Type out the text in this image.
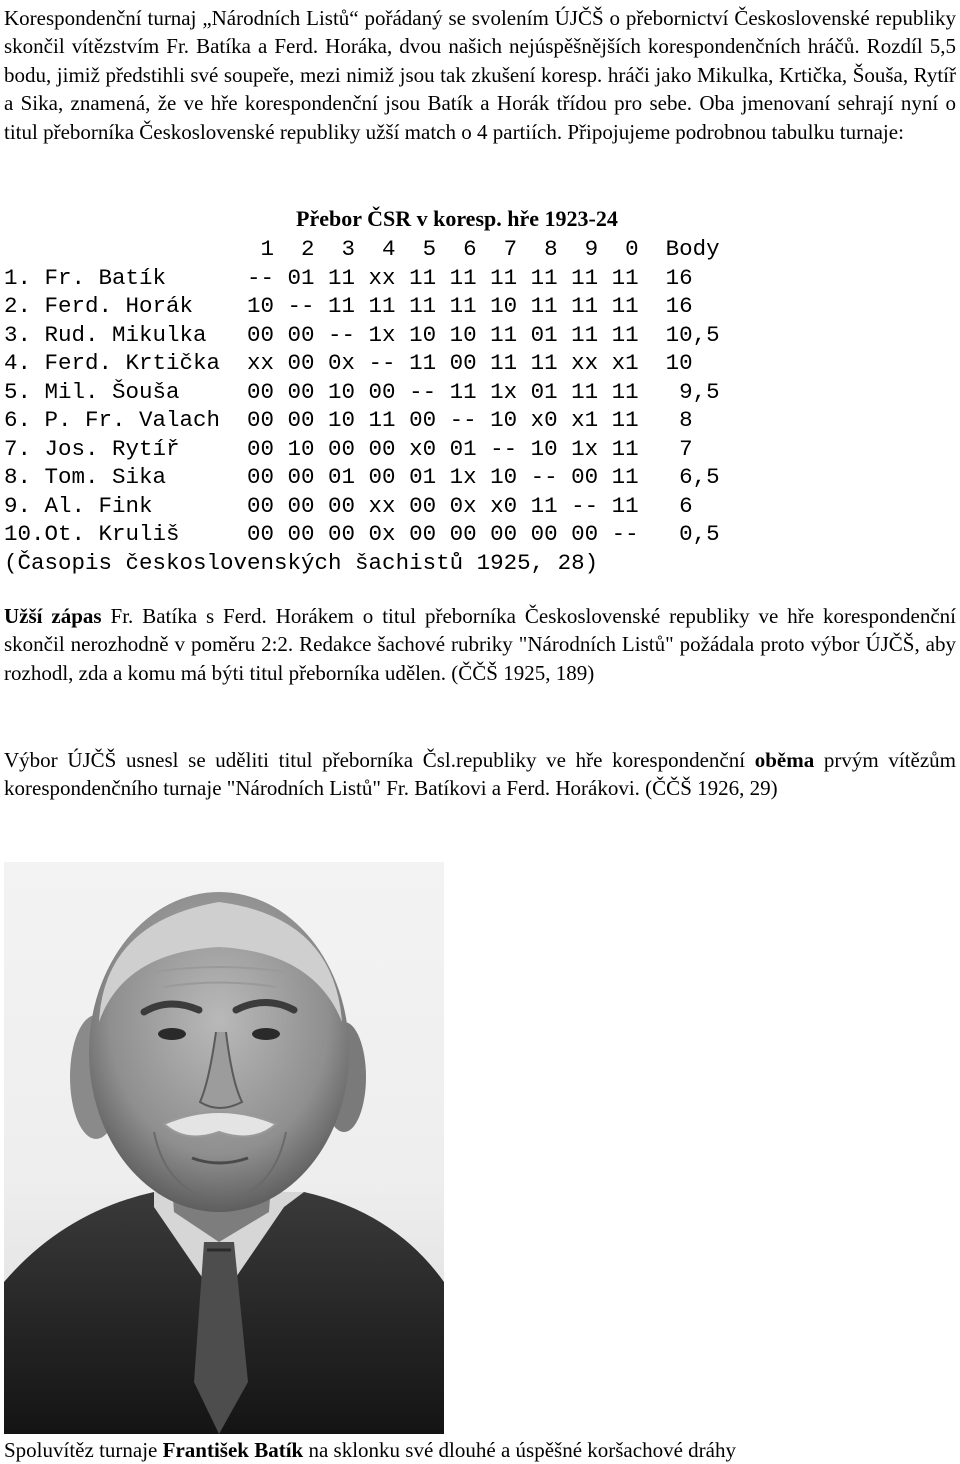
Korespondenční turnaj „Národních Listů“ pořádaný se svolením ÚJČŠ o přebornictví Československé republiky skončil vítězstvím Fr. Batíka a Ferd. Horáka, dvou našich nejúspěšnějších korespondenčních hráčů. Rozdíl 5,5 bodu, jimiž předstihli své soupeře, mezi nimiž jsou tak zkušení koresp. hráči jako Mikulka, Krtička, Šouša, Rytíř a Sika, znamená, že ve hře korespondenční jsou Batík a Horák třídou pro sebe. Oba jmenovaní sehrají nyní o titul přeborníka Československé republiky užší match o 4 partiích. Připojujeme podrobnou tabulku turnaje:
Přebor ČSR v koresp. hře 1923-24
1  2  3  4  5  6  7  8  9  0  Body
1. Fr. Batík      -- 01 11 xx 11 11 11 11 11 11  16
2. Ferd. Horák    10 -- 11 11 11 11 10 11 11 11  16
3. Rud. Mikulka   00 00 -- 1x 10 10 11 01 11 11  10,5
4. Ferd. Krtička  xx 00 0x -- 11 00 11 11 xx x1  10
5. Mil. Šouša     00 00 10 00 -- 11 1x 01 11 11   9,5
6. P. Fr. Valach  00 00 10 11 00 -- 10 x0 x1 11   8
7. Jos. Rytíř     00 10 00 00 x0 01 -- 10 1x 11   7
8. Tom. Sika      00 00 01 00 01 1x 10 -- 00 11   6,5
9. Al. Fink       00 00 00 xx 00 0x x0 11 -- 11   6
10.Ot. Kruliš     00 00 00 0x 00 00 00 00 00 --   0,5
(Časopis československých šachistů 1925, 28)
Užší zápas Fr. Batíka s Ferd. Horákem o titul přeborníka Československé republiky ve hře korespondenční skončil nerozhodně v poměru 2:2. Redakce šachové rubriky "Národních Listů" požádala proto výbor ÚJČŠ, aby rozhodl, zda a komu má býti titul přeborníka udělen. (ČČŠ 1925, 189)
Výbor ÚJČŠ usnesl se uděliti titul přeborníka Čsl.republiky ve hře korespondenční oběma prvým vítězům korespondenčního turnaje "Národních Listů" Fr. Batíkovi a Ferd. Horákovi. (ČČŠ 1926, 29)
Spoluvítěz turnaje František Batík na sklonku své dlouhé a úspěšné koršachové dráhy
